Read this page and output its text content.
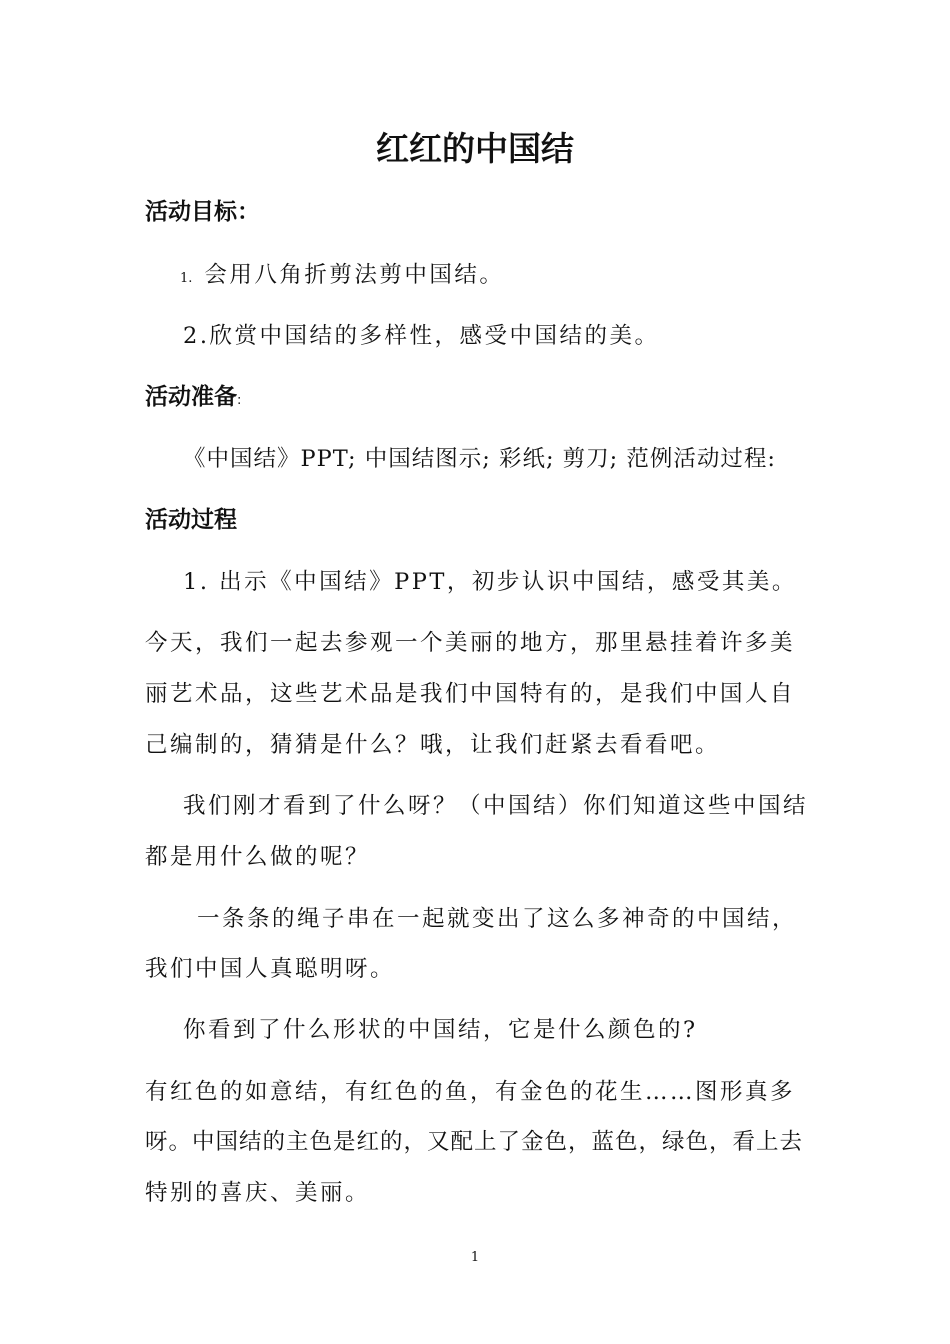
红红的中国结
活动目标：

1. 会用八角折剪法剪中国结。

2.欣赏中国结的多样性，感受中国结的美。

活动准备:

《中国结》PPT; 中国结图示; 彩纸; 剪刀; 范例活动过程:

活动过程

1. 出示《中国结》PPT，初步认识中国结，感受其美。

今天，我们一起去参观一个美丽的地方，那里悬挂着许多美

丽艺术品，这些艺术品是我们中国特有的，是我们中国人自

己编制的，猜猜是什么？哦，让我们赶紧去看看吧。

我们刚才看到了什么呀？（中国结）你们知道这些中国结

都是用什么做的呢？

一条条的绳子串在一起就变出了这么多神奇的中国结，

我们中国人真聪明呀。

你看到了什么形状的中国结，它是什么颜色的?

有红色的如意结，有红色的鱼，有金色的花生……图形真多

呀。中国结的主色是红的，又配上了金色，蓝色，绿色，看上去

特别的喜庆、美丽。

1
